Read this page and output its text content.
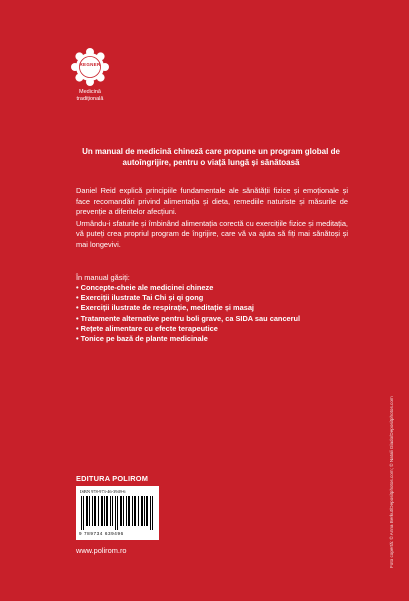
REGNER
Medicină
tradițională
Un manual de medicină chineză care propune un program global de autoîngrijire, pentru o viață lungă și sănătoasă

Daniel Reid explică principiile fundamentale ale sănătății fizice și emoționale și face recomandări privind alimentația și dieta, remediile naturiste și măsurile de prevenție a diferitelor afecțiuni.

Urmându-i sfaturile și îmbinând alimentația corectă cu exercițiile fizice și meditația, vă puteți crea propriul program de îngrijire, care vă va ajuta să fiți mai sănătoși și mai longevivi.

În manual găsiți:
• Concepte-cheie ale medicinei chineze
• Exerciții ilustrate Tai Chi și qi gong
• Exerciții ilustrate de respirație, meditație și masaj
• Tratamente alternative pentru boli grave, ca SIDA sau cancerul
• Rețete alimentare cu efecte terapeutice
• Tonice pe bază de plante medicinale
EDITURA POLIROM
ISBN 978-973-46-3949-6
9 789734 639496
www.polirom.ro	Foto copertă: © Anna Berkut/Depositphotos.com; © Natali Glado/Depositphotos.com
